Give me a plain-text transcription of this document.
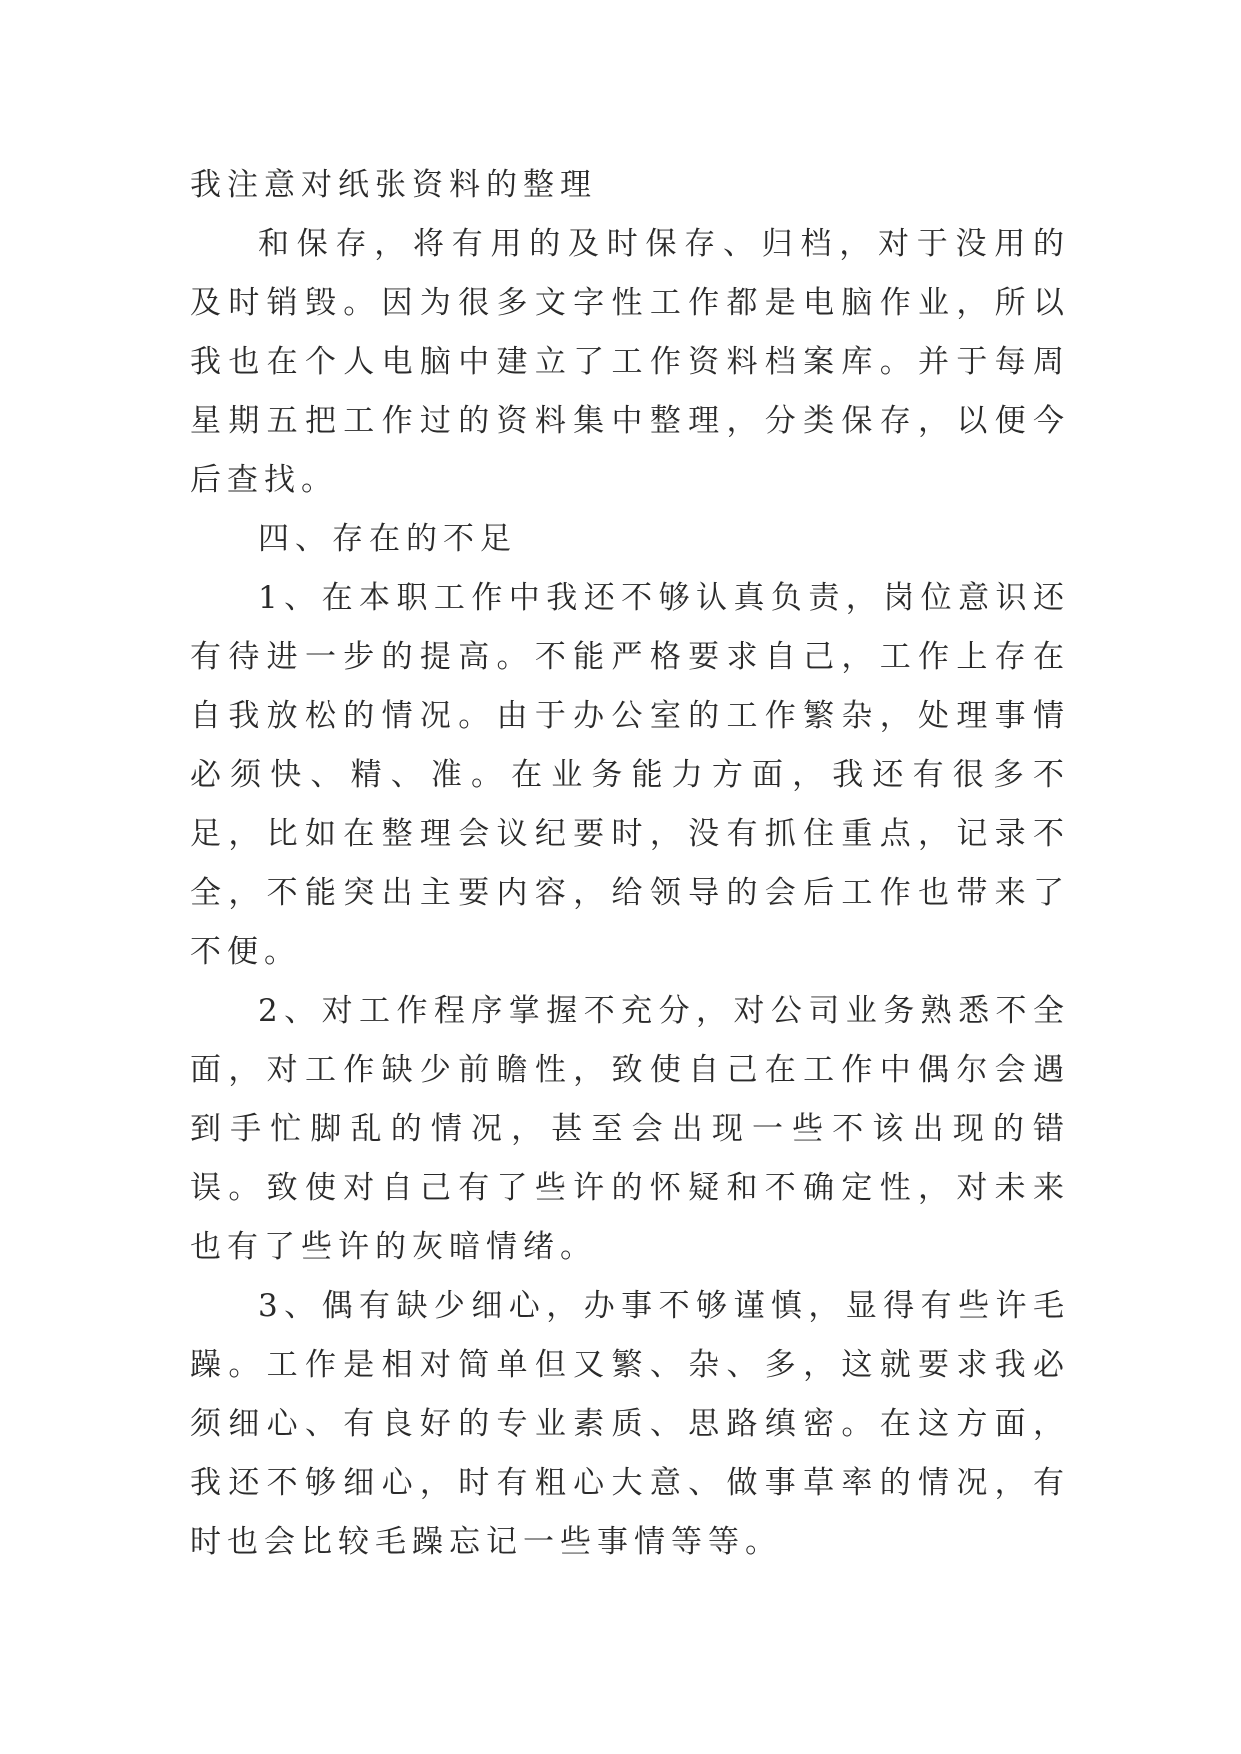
我注意对纸张资料的整理

和保存，将有用的及时保存、归档，对于没用的及时销毁。因为很多文字性工作都是电脑作业，所以我也在个人电脑中建立了工作资料档案库。并于每周星期五把工作过的资料集中整理，分类保存，以便今后查找。

四、存在的不足

1、在本职工作中我还不够认真负责，岗位意识还有待进一步的提高。不能严格要求自己，工作上存在自我放松的情况。由于办公室的工作繁杂，处理事情必须快、精、准。在业务能力方面，我还有很多不足，比如在整理会议纪要时，没有抓住重点，记录不全，不能突出主要内容，给领导的会后工作也带来了不便。

2、对工作程序掌握不充分，对公司业务熟悉不全面，对工作缺少前瞻性，致使自己在工作中偶尔会遇到手忙脚乱的情况，甚至会出现一些不该出现的错误。致使对自己有了些许的怀疑和不确定性，对未来也有了些许的灰暗情绪。

3、偶有缺少细心，办事不够谨慎，显得有些许毛躁。工作是相对简单但又繁、杂、多，这就要求我必须细心、有良好的专业素质、思路缜密。在这方面，我还不够细心，时有粗心大意、做事草率的情况，有时也会比较毛躁忘记一些事情等等。
